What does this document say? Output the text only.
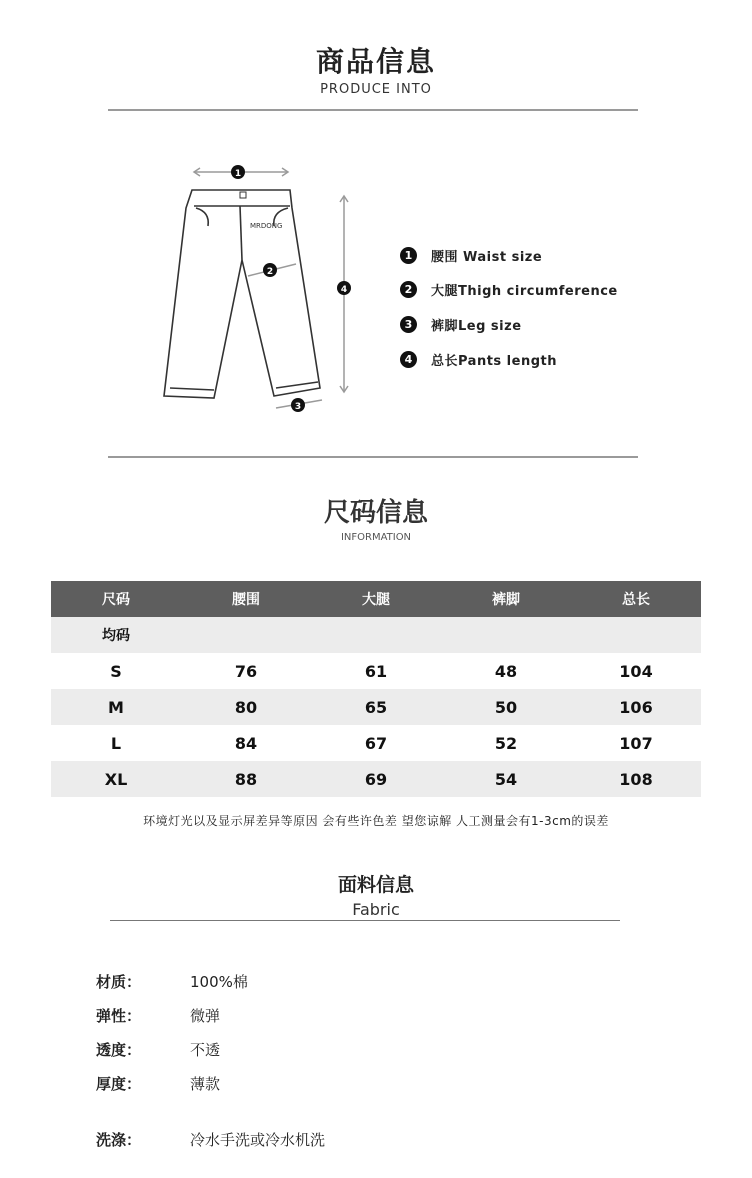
商品信息
PRODUCE INTO
1
MRDONG
2
4
3
1	腰围 Waist size
2	大腿Thigh circumference
3	裤脚Leg size
4	总长Pants length
尺码信息
INFORMATION
尺码	腰围	大腿	裤脚	总长
均码				
S	76	61	48	104
M	80	65	50	106
L	84	67	52	107
XL	88	69	54	108
环境灯光以及显示屏差异等原因 会有些许色差 望您谅解 人工测量会有1-3cm的误差
面料信息
Fabric
材质：	100%棉
弹性：	微弹
透度：	不透
厚度：	薄款
洗涤：	冷水手洗或冷水机洗
